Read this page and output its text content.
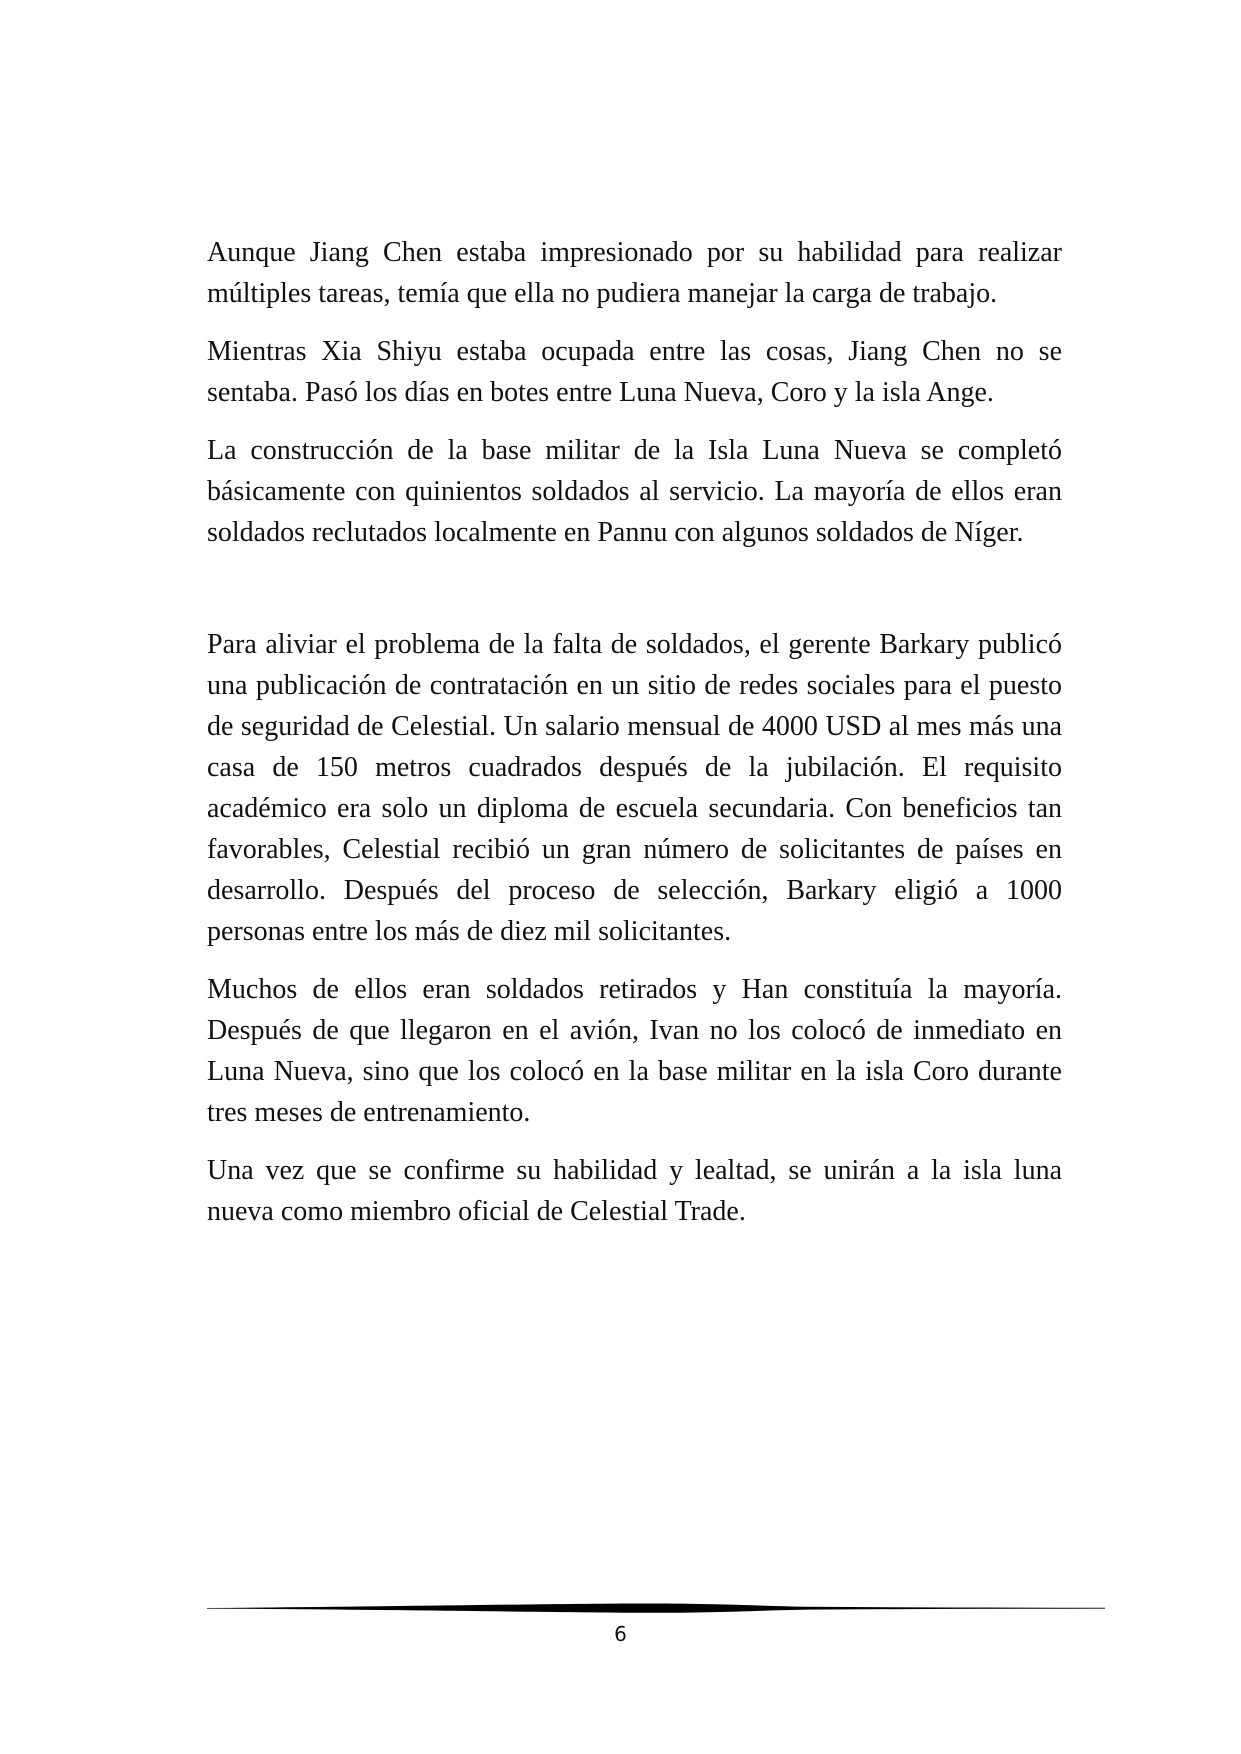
Aunque Jiang Chen estaba impresionado por su habilidad para realizar múltiples tareas, temía que ella no pudiera manejar la carga de trabajo.

Mientras Xia Shiyu estaba ocupada entre las cosas, Jiang Chen no se sentaba. Pasó los días en botes entre Luna Nueva, Coro y la isla Ange.

La construcción de la base militar de la Isla Luna Nueva se completó básicamente con quinientos soldados al servicio. La mayoría de ellos eran soldados reclutados localmente en Pannu con algunos soldados de Níger.

Para aliviar el problema de la falta de soldados, el gerente Barkary publicó una publicación de contratación en un sitio de redes sociales para el puesto de seguridad de Celestial. Un salario mensual de 4000 USD al mes más una casa de 150 metros cuadrados después de la jubilación. El requisito académico era solo un diploma de escuela secundaria. Con beneficios tan favorables, Celestial recibió un gran número de solicitantes de países en desarrollo. Después del proceso de selección, Barkary eligió a 1000 personas entre los más de diez mil solicitantes.

Muchos de ellos eran soldados retirados y Han constituía la mayoría. Después de que llegaron en el avión, Ivan no los colocó de inmediato en Luna Nueva, sino que los colocó en la base militar en la isla Coro durante tres meses de entrenamiento.

Una vez que se confirme su habilidad y lealtad, se unirán a la isla luna nueva como miembro oficial de Celestial Trade.

6
